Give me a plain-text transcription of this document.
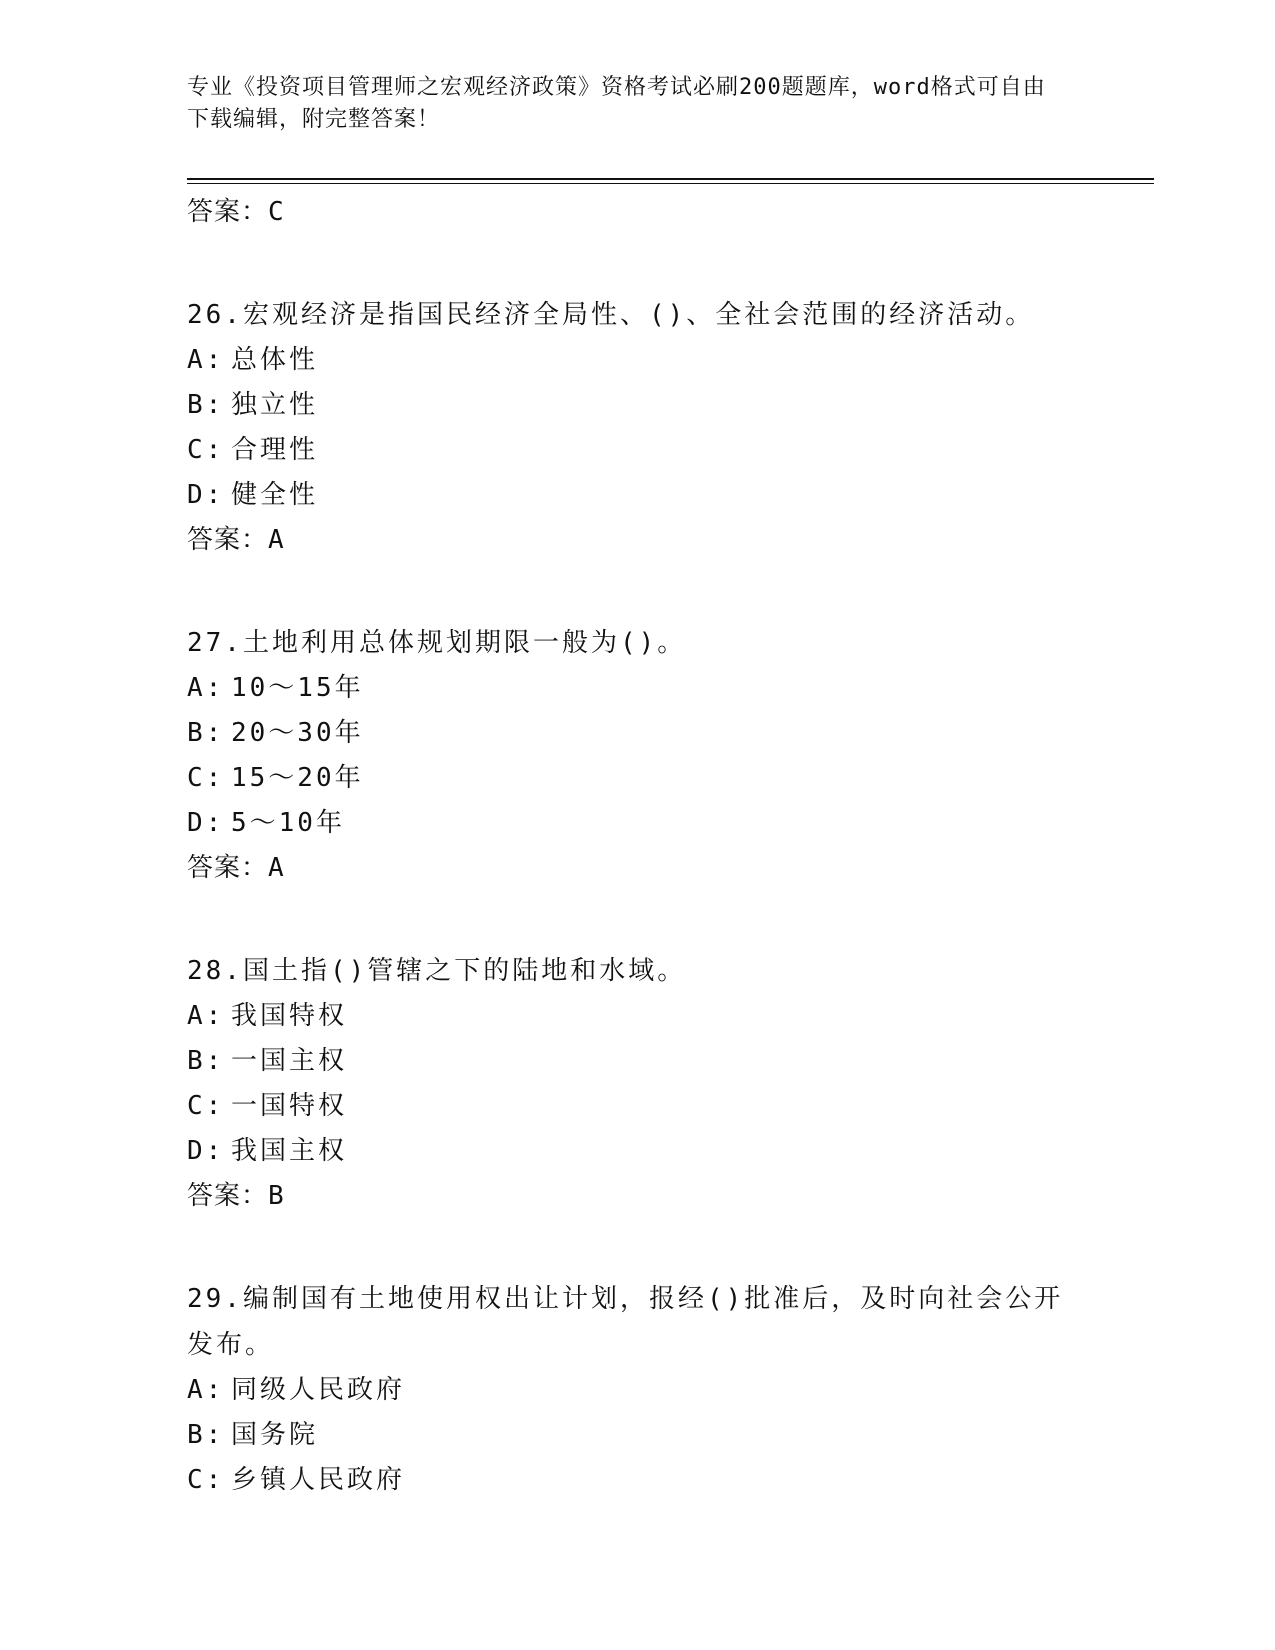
专业《投资项目管理师之宏观经济政策》资格考试必刷200题题库，word格式可自由下载编辑，附完整答案！
答案：C
26.宏观经济是指国民经济全局性、()、全社会范围的经济活动。
A: 总体性
B: 独立性
C: 合理性
D: 健全性
答案：A
27.土地利用总体规划期限一般为()。
A: 10～15年
B: 20～30年
C: 15～20年
D: 5～10年
答案：A
28.国土指()管辖之下的陆地和水域。
A: 我国特权
B: 一国主权
C: 一国特权
D: 我国主权
答案：B
29.编制国有土地使用权出让计划，报经()批准后，及时向社会公开发布。
A: 同级人民政府
B: 国务院
C: 乡镇人民政府
